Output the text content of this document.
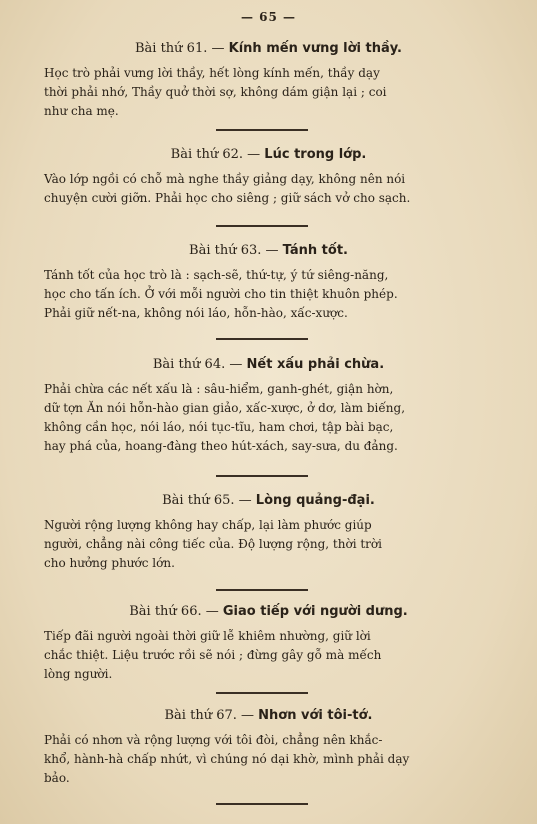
— 65 —

Bài thứ 61. — Kính mến vưng lời thầy.

Học trò phải vưng lời thầy, hết lòng kính mến, thầy dạy
thời phải nhớ, Thầy quở thời sợ, không dám giận lại ; coi
như cha mẹ.

Bài thứ 62. — Lúc trong lớp.

Vào lớp ngồi có chỗ mà nghe thầy giảng dạy, không nên nói
chuyện cười giỡn. Phải học cho siêng ; giữ sách vở cho sạch.

Bài thứ 63. — Tánh tốt.

Tánh tốt của học trò là : sạch-sẽ, thứ-tự, ý tứ siêng-năng,
học cho tấn ích. Ở với mỗi người cho tin thiệt khuôn phép.
Phải giữ nết-na, không nói láo, hỗn-hào, xấc-xược.

Bài thứ 64. — Nết xấu phải chừa.

Phải chừa các nết xấu là : sâu-hiểm, ganh-ghét, giận hờn,
dữ tợn Ăn nói hỗn-hào gian giảo, xấc-xược, ở dơ, làm biếng,
không cần học, nói láo, nói tục-tĩu, ham chơi, tập bài bạc,
hay phá của, hoang-đàng theo hút-xách, say-sưa, du đảng.

Bài thứ 65. — Lòng quảng-đại.

Người rộng lượng không hay chấp, lại làm phước giúp
người, chẳng nài công tiếc của. Độ lượng rộng, thời trời
cho hưởng phước lớn.

Bài thứ 66. — Giao tiếp với người dưng.

Tiếp đãi người ngoài thời giữ lễ khiêm nhường, giữ lời
chắc thiệt. Liệu trước rồi sẽ nói ; đừng gây gỗ mà mếch
lòng người.

Bài thứ 67. — Nhơn với tôi-tớ.

Phải có nhơn và rộng lượng với tôi đòi, chẳng nên khắc-
khổ, hành-hà chấp nhứt, vì chúng nó dại khờ, mình phải dạy
bảo.
